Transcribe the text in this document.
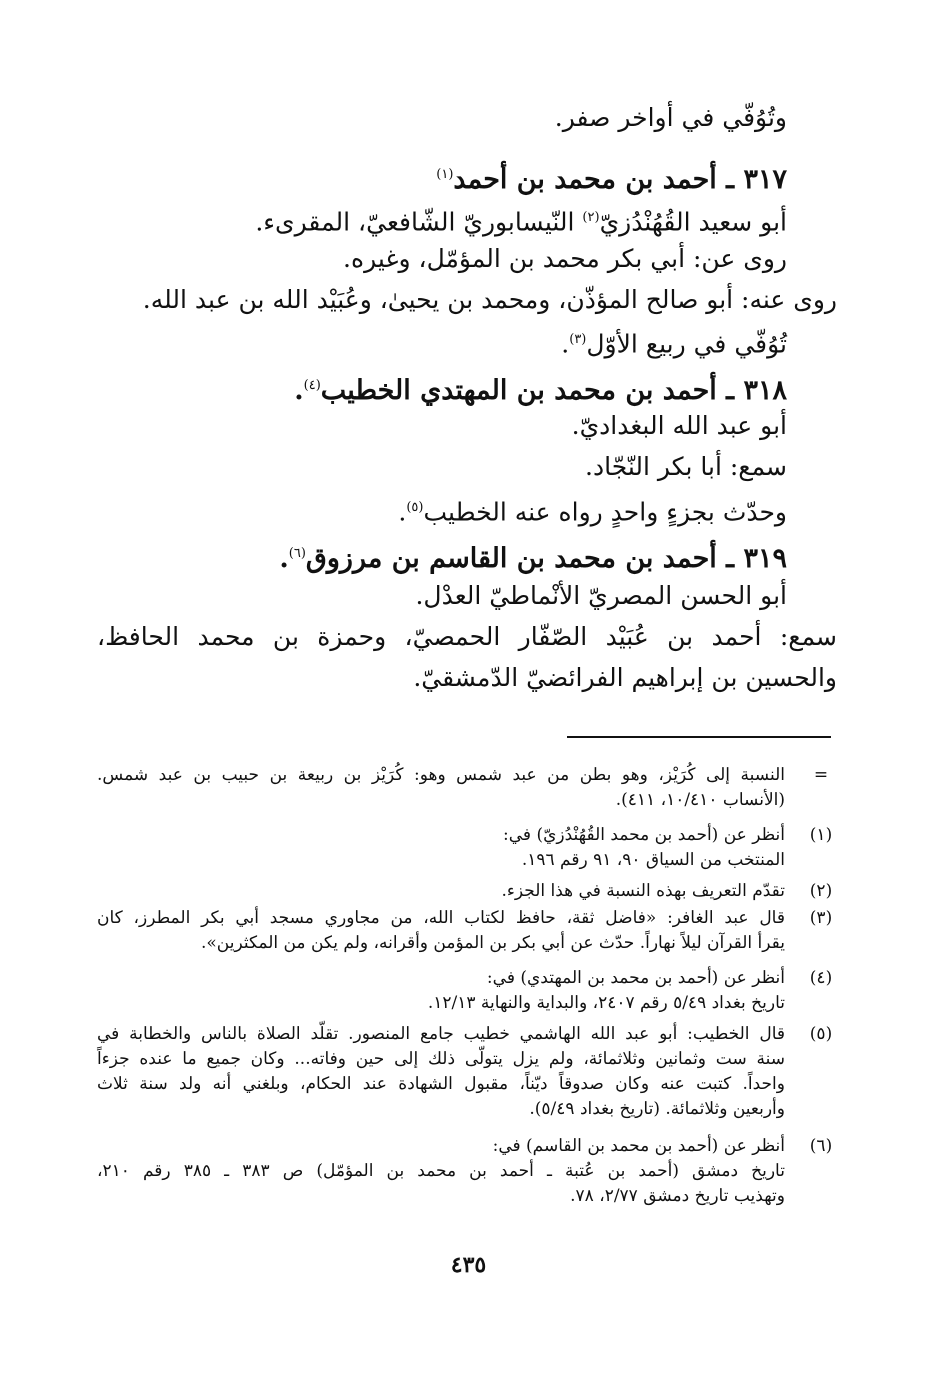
وتُوُفّي في أواخر صفر.
٣١٧ ـ أحمد بن محمد بن أحمد$^{(١)}$
أبو سعيد القُهُنْدُزيّ$^{(٢)}$ النّيسابوريّ الشّافعيّ، المقرىء.
روى عن: أبي بكر محمد بن المؤمّل، وغيره.
روى عنه: أبو صالح المؤذّن، ومحمد بن يحيىٰ، وعُبَيْد الله بن عبد الله.
تُوُفّي في ربيع الأوّل$^{(٣)}$.
٣١٨ ـ أحمد بن محمد بن المهتدي الخطيب$^{(٤)}$.
أبو عبد الله البغداديّ.
سمع: أبا بكر النّجّاد.
وحدّث بجزءٍ واحدٍ رواه عنه الخطيب$^{(٥)}$.
٣١٩ ـ أحمد بن محمد بن القاسم بن مرزوق$^{(٦)}$.
أبو الحسن المصريّ الأنْماطيّ العدْل.
سمع: أحمد بن عُبَيْد الصّفّار الحمصيّ، وحمزة بن محمد الحافظ،
والحسين بن إبراهيم الفرائضيّ الدّمشقيّ.
=
النسبة إلى كُرَيْز، وهو بطن من عبد شمس وهو: كُرَيْز بن ربيعة بن حبيب بن عبد شمس.
(الأنساب ١٠/٤١٠، ٤١١).
(١)
أنظر عن (أحمد بن محمد القُهُنْدُزيّ) في:
المنتخب من السياق ٩٠، ٩١ رقم ١٩٦.
(٢)
تقدّم التعريف بهذه النسبة في هذا الجزء.
(٣)
قال عبد الغافر: «فاضل ثقة، حافظ لكتاب الله، من مجاوري مسجد أبي بكر المطرز، كان
يقرأ القرآن ليلاً نهاراً. حدّث عن أبي بكر بن المؤمن وأقرانه، ولم يكن من المكثرين».
(٤)
أنظر عن (أحمد بن محمد بن المهتدي) في:
تاريخ بغداد ٥/٤٩ رقم ٢٤٠٧، والبداية والنهاية ١٢/١٣.
(٥)
قال الخطيب: أبو عبد الله الهاشمي خطيب جامع المنصور. تقلّد الصلاة بالناس والخطابة في
سنة ست وثمانين وثلاثمائة، ولم يزل يتولّى ذلك إلى حين وفاته... وكان جميع ما عنده جزءاً
واحداً. كتبت عنه وكان صدوقاً ديّناً، مقبول الشهادة عند الحكام، وبلغني أنه ولد سنة ثلاث
وأربعين وثلاثمائة. (تاريخ بغداد ٥/٤٩).
(٦)
أنظر عن (أحمد بن محمد بن القاسم) في:
تاريخ دمشق (أحمد بن عُتبة ـ أحمد بن محمد بن المؤمّل) ص ٣٨٣ ـ ٣٨٥ رقم ٢١٠،
وتهذيب تاريخ دمشق ٢/٧٧، ٧٨.
٤٣٥
